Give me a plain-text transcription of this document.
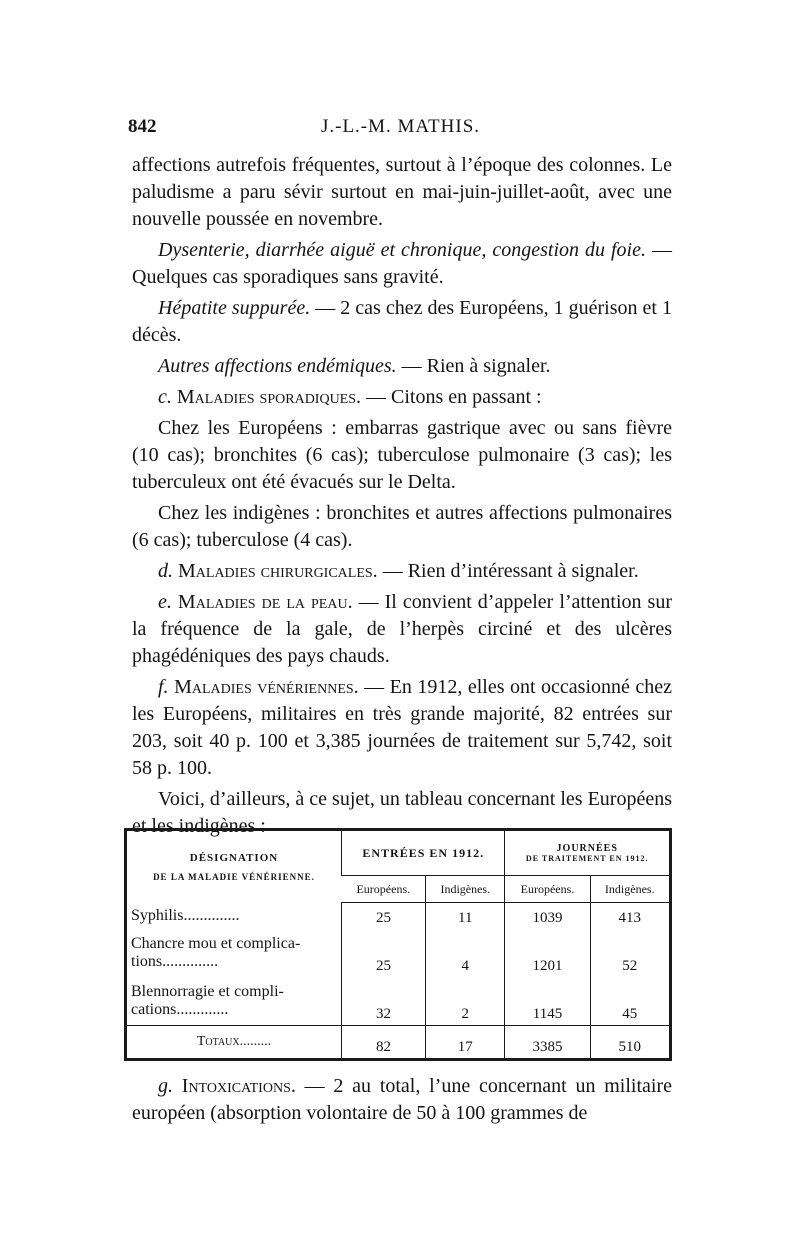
842	J.-L.-M. MATHIS.

affections autrefois fréquentes, surtout à l’époque des colonnes. Le paludisme a paru sévir surtout en mai-juin-juillet-août, avec une nouvelle poussée en novembre.

Dysenterie, diarrhée aiguë et chronique, congestion du foie. — Quelques cas sporadiques sans gravité.

Hépatite suppurée. — 2 cas chez des Européens, 1 guérison et 1 décès.

Autres affections endémiques. — Rien à signaler.

c. Maladies sporadiques. — Citons en passant :

Chez les Européens : embarras gastrique avec ou sans fièvre (10 cas); bronchites (6 cas); tuberculose pulmonaire (3 cas); les tuberculeux ont été évacués sur le Delta.

Chez les indigènes : bronchites et autres affections pulmonaires (6 cas); tuberculose (4 cas).

d. Maladies chirurgicales. — Rien d’intéressant à signaler.

e. Maladies de la peau. — Il convient d’appeler l’attention sur la fréquence de la gale, de l’herpès circiné et des ulcères phagédéniques des pays chauds.

f. Maladies vénériennes. — En 1912, elles ont occasionné chez les Européens, militaires en très grande majorité, 82 entrées sur 203, soit 40 p. 100 et 3,385 journées de traitement sur 5,742, soit 58 p. 100.

Voici, d’ailleurs, à ce sujet, un tableau concernant les Européens et les indigènes :

DÉSIGNATION
DE LA MALADIE VÉNÉRIENNE.	ENTRÉES EN 1912.		JOURNÉES
DE TRAITEMENT EN 1912.	

	Européens.	Indigènes.	Européens.	Indigènes.
Syphilis..............	25	11	1039	413
Chancre mou et complica-
tions..............	25	4	1201	52
Blennorragie et compli-
cations.............	32	2	1145	45
Totaux.........	82	17	3385	510

g. Intoxications. — 2 au total, l’une concernant un militaire européen (absorption volontaire de 50 à 100 grammes de
